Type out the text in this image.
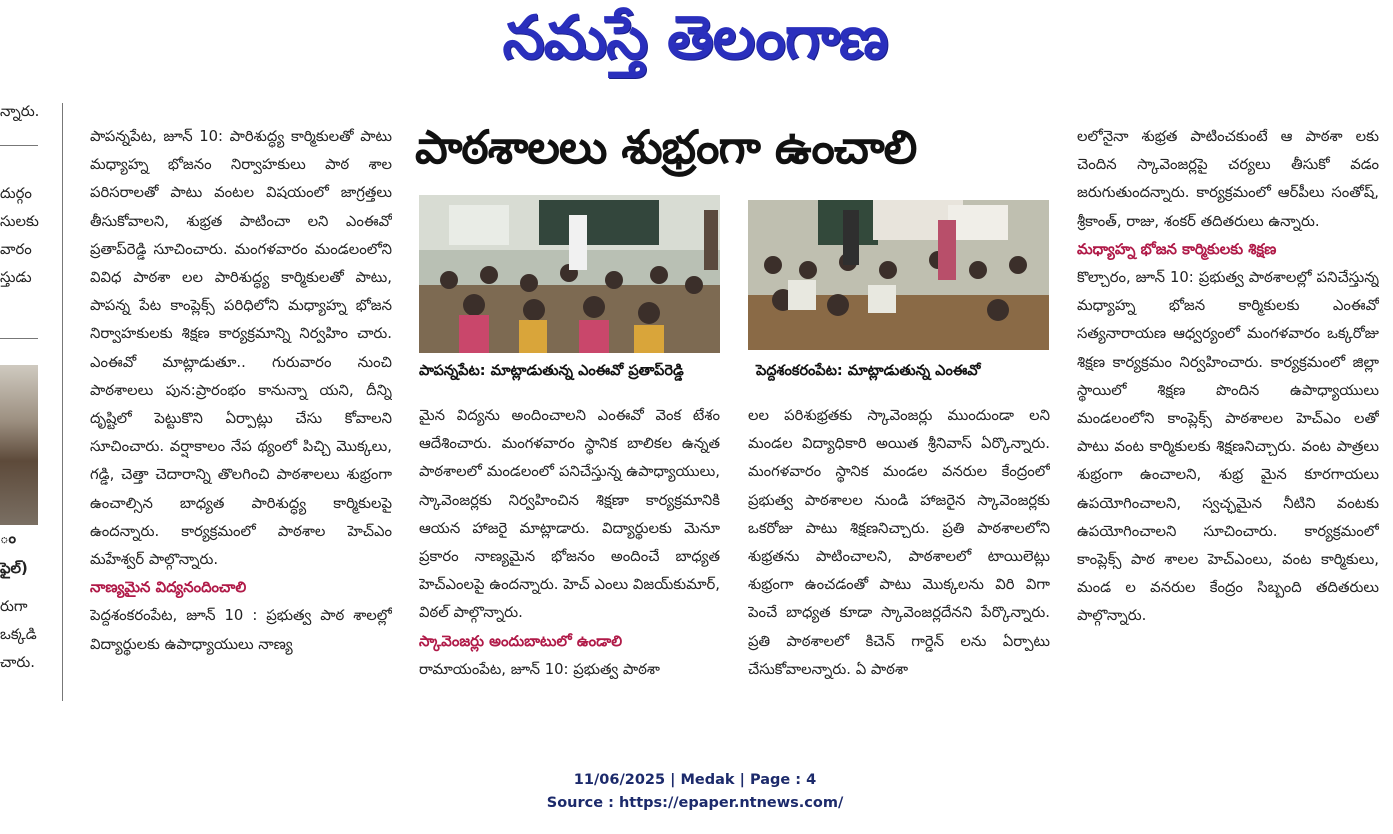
నమస్తే తెలంగాణ
న్నారు.
దుర్గం
సులకు
వారం
స్తుడు
ం
ఫైల్)
రుగా
ఒక్కడి
చారు.
పాఠశాలలు శుభ్రంగా ఉంచాలి

పాపన్నపేట, జూన్ 10: పారిశుద్ధ్య కార్మికులతో పాటు మధ్యాహ్న భోజనం నిర్వాహకులు పాఠ శాల పరిసరాలతో పాటు వంటల విషయంలో జాగ్రత్తలు తీసుకోవాలని, శుభ్రత పాటించా లని ఎంఈవో ప్రతాప్‌రెడ్డి సూచించారు. మంగళవారం మండలంలోని వివిధ పాఠశా లల పారిశుద్ధ్య కార్మికులతో పాటు, పాపన్న పేట కాంప్లెక్స్ పరిధిలోని మధ్యాహ్న భోజన నిర్వాహకులకు శిక్షణ కార్యక్రమాన్ని నిర్వహిం చారు. ఎంఈవో మాట్లాడుతూ.. గురువారం నుంచి పాఠశాలలు పున:ప్రారంభం కానున్నా యని, దీన్ని దృష్టిలో పెట్టుకొని ఏర్పాట్లు చేసు కోవాలని సూచించారు. వర్షాకాలం నేప థ్యంలో పిచ్చి మొక్కలు, గడ్డి, చెత్తా చెదారాన్ని తొలగించి పాఠశాలలు శుభ్రంగా ఉంచాల్సిన బాధ్యత పారిశుద్ధ్య కార్మికులపై ఉందన్నారు. కార్యక్రమంలో పాఠశాల హెచ్‌ఎం మహేశ్వర్ పాల్గొన్నారు.

నాణ్యమైన విద్యనందించాలి

పెద్దశంకరంపేట, జూన్ 10 : ప్రభుత్వ పాఠ శాలల్లో విద్యార్థులకు ఉపాధ్యాయులు నాణ్య

పాపన్నపేట: మాట్లాడుతున్న ఎంఈవో ప్రతాప్‌రెడ్డి	పెద్దశంకరంపేట: మాట్లాడుతున్న ఎంఈవో

మైన విద్యను అందించాలని ఎంఈవో వెంక టేశం ఆదేశించారు. మంగళవారం స్థానిక బాలికల ఉన్నత పాఠశాలలో మండలంలో పనిచేస్తున్న ఉపాధ్యాయులు, స్కావెంజర్లకు నిర్వహించిన శిక్షణా కార్యక్రమానికి ఆయన హాజరై మాట్లాడారు. విద్యార్థులకు మెనూ ప్రకారం నాణ్యమైన భోజనం అందించే బాధ్యత హెచ్‌ఎంలపై ఉందన్నారు. హెచ్ ఎంలు విజయ్‌కుమార్, విఠల్ పాల్గొన్నారు.

స్కావెంజర్లు అందుబాటులో ఉండాలి

రామాయంపేట, జూన్ 10: ప్రభుత్వ పాఠశా

లల పరిశుభ్రతకు స్కావెంజర్లు ముందుండా లని మండల విద్యాధికారి అయిత శ్రీనివాస్ ఏర్కొన్నారు. మంగళవారం స్థానిక మండల వనరుల కేంద్రంలో ప్రభుత్వ పాఠశాలల నుండి హాజరైన స్కావెంజర్లకు ఒకరోజు పాటు శిక్షణనిచ్చారు. ప్రతి పాఠశాలలోని శుభ్రతను పాటించాలని, పాఠశాలలో టాయిలెట్లు శుభ్రంగా ఉంచడంతో పాటు మొక్కలను విరి విగా పెంచే బాధ్యత కూడా స్కావెంజర్లదేనని పేర్కొన్నారు. ప్రతి పాఠశాలలో కిచెన్ గార్డెన్ లను ఏర్పాటు చేసుకోవాలన్నారు. ఏ పాఠశా

లలోనైనా శుభ్రత పాటించకుంటే ఆ పాఠశా లకు చెందిన స్కావెంజర్లపై చర్యలు తీసుకో వడం జరుగుతుందన్నారు. కార్యక్రమంలో ఆర్‌పీలు సంతోష్, శ్రీకాంత్, రాజు, శంకర్ తదితరులు ఉన్నారు.

మధ్యాహ్న భోజన కార్మికులకు శిక్షణ

కొల్చారం, జూన్ 10: ప్రభుత్వ పాఠశాలల్లో పనిచేస్తున్న మధ్యాహ్న భోజన కార్మికులకు ఎంఈవో సత్యనారాయణ ఆధ్వర్యంలో మంగళవారం ఒక్కరోజు శిక్షణ కార్యక్రమం నిర్వహించారు. కార్యక్రమంలో జిల్లా స్థాయిలో శిక్షణ పొందిన ఉపాధ్యాయులు మండలంలోని కాంప్లెక్స్ పాఠశాలల హెచ్‌ఎం లతో పాటు వంట కార్మికులకు శిక్షణనిచ్చారు. వంట పాత్రలు శుభ్రంగా ఉంచాలని, శుభ్ర మైన కూరగాయలు ఉపయోగించాలని, స్వచ్ఛమైన నీటిని వంటకు ఉపయోగించాలని సూచించారు. కార్యక్రమంలో కాంప్లెక్స్ పాఠ శాలల హెచ్‌ఎంలు, వంట కార్మికులు, మండ ల వనరుల కేంద్రం సిబ్బంది తదితరులు పాల్గొన్నారు.

11/06/2025 | Medak | Page : 4
Source : https://epaper.ntnews.com/
